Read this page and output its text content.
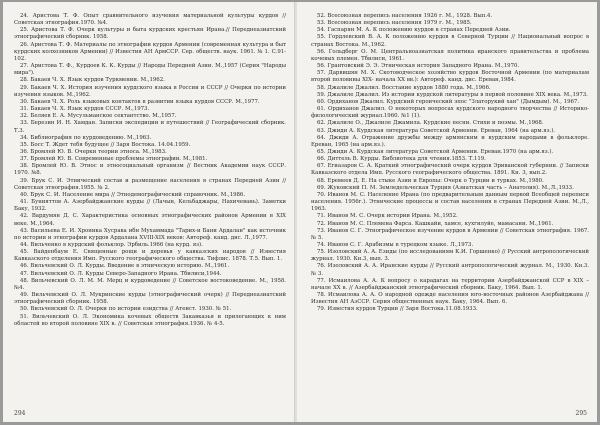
24. Аристова Т. Ф. Опыт сравнительного изучения материальной культуры курдов // Советская этнография.1970. №4.

25. Аристова Т. Ф. Очерк культуры и быта курдских крестьян Ирана.// Переднеазиатский этнографический сборник. 1958.

26. Аристова Т. Ф. Материалы по этнографии курдов Армении (современная культура и быт курдских колхозников Армении) // Известия АН АрмССР. Сер. обществ. наук. 1961. № 1. С.91-102.

27. Аристова Т. Ф., Курдоев К. К. Курды // Народы Передней Азии. М.,1957 (Серия "Народы мира").

28. Бакаев Ч. Х. Язык курдов Туркмении. М.,1962.

29. Бакаев Ч. Х. История изучения курдского языка в России и СССР // Очерки по истории изучения языков. М.,1962.

30. Бакаев Ч. Х. Роль языковых контактов в развитии языка курдов СССР. М.,1977.

31. Бакаев Ч. Х. Язык курдов СССР. М.,1973.

32. Беляев Е. А. Мусульманское сектантство. М.,1957.

33. Березин И. Н. Хамдан. Записки экспедиции и путешествий // Географический сборник. Т.3.

34. Библиография по курдоведению. М.,1963.

35. Босс Т. Ждет тебя будущее // Заря Востока. 14.04.1959.

36. Бромлей Ю. В. Очерки теории этноса. М.,1983.

37. Бромлей Ю. В. Современные проблемы этнографии. М.,1981.

38. Бромлей Ю. В. Этнос и этносоциальный организм // Вестник Академии наук СССР. 1970. №8.

39. Брук С. И. Этнический состав и размещение населения в странах Передней Азии // Советская этнография.1955. № 2.

40. Брук С. И. Население мира // Этнодемографический справочник. М.,1986.

41. Бунияттов А. Азербайджанские курды // (Лачын, Кельбаджары, Нахичевань). Заметки Баку, 1932.

42. Вардумян Д. С. Характеристика основных этнографических районов Армении в XIX веке. М.,1964.

43. Васильева Е. И. Хроника Хусрава ибн Мухаммада "Тарих-и Бани Ардалан" как источник по истории и этнографии курдов Ардалана XVIII-XIX веков: Автореф. канд. дис. Л.,1977.

44. Вильченко в курдский фольклор. Эрбиль.1966 (на курд. яз).

45. Вайденбаум Е. Священные рощи и деревья у кавказских народов // Известия Кавказского отделения Имп. Русского географического общества. Тифлис. 1878. Т.5. Вып. 1.

46. Вильчевский О. Л. Курды. Введение в этническую историю. М.,1961.

47. Вильчевский О. Л. Курды Северо-Западного Ирана. Тбилиси,1944.

48. Вильчевский О. Л. М. М. Мерц и курдоведение // Советское востоковедение. М., 1958. №4.

49. Вильчевский О. Л. Мукринские курды (этнографический очерк) // Переднеазиатский этнографический сборник. 1958.

50. Вильчевский О. Л. Очерки по истории езидства // Атеист. 1930. № 51.

51. Вильчевский О. Л. Экономика кочевых обществ Закавказья и прилегающих к ним областей во второй половине XIX в. // Советская этнография.1936. № 4-5.

294

52. Всесоюзная перепись населения 1926 г. М., 1928. Вып.4.

53. Всесоюзная перепись населения 1979 г. М., 1985.

54. Гаспарян М. А. К положению курдов в странах Передней Азии.

55. Гордлевский В. А. К положению курдов в Северной Турции // Национальный вопрос в странах Востока. М.,1962.

56. Гольдберг О. М. Центральноазиатская политика иранского правительства и проблема кочевых племен. Тбилиси, 1961.

56. Грантовский Э. Э. Этническая история Западного Ирана. М.,1970.

57. Дарвишян М. Х. Скотоводческое хозяйство курдов Восточной Армении (по материалам второй половины XIX- начала XX вв.): Автореф. канд. дис. Ереван,1984.

58. Джалиле Джалил. Восстание курдов 1880 года. М.,1966.

59. Джалиле Джалил. Из истории курдской литературы в первой половине XIX века. М.,1973.

60. Ордиханов Джалил. Курдский героический эпос "Златорукий хан" (Дымдым). М., 1967.

61. Ордиханов Джалил. О некоторых вопросах курдского народного творчества // Историко-филологический журнал.1960. №1 (1).

62. Джалиле О., Джалиле Джамила. Курдские песни. Стихи и поэмы. М.,1968.

63. Джиди А. Курдская литература Советской Армении. Ереван, 1964 (на арм.яз.).

64. Джиди А. Отражение дружбы между армянским и курдским народами в фольклоре. Ереван, 1965 (на арм.яз.).

65. Джиди А. Курдская литература Советской Армении. Ереван.1970 (на арм.яз.).

66. Диттель В. Курды. Библиотека для чтения.1853. Т.119.

67. Егиазаров С. А. Краткий этнографический очерк курдов Эриванской губернии. // Записки Кавказского отдела Имп. Русского географического общества. 1891. Кн. 3, вып.2.

68. Еремеев Д. Е. На стыке Азии и Европы: Очерк о Турции и турках. М.,1980.

69. Жуковский П. М. Земледельческая Турция (Азиатская часть – Анатолия). М.,Л.,1933.

70. Иванов М. С. Население Ирана (по предварительным данным первой Всеобщей переписи населения. 1956г.). Этнические процессы и состав населения в странах Передней Азии. М.,Л., 1963.

71. Иванов М. С. Очерк истории Ирана. М.,1952.

72. Иванов М. С. Племена Фарса. Кашкайи, хамсе, кухгилуйе, мамасани. М.,1961.

73. Иванов С. Г. Этнографическое изучение курдов в Армении // Советская этнография. 1967. № 5.

74. Иванов С. Г. Арабизмы в турецком языке. Л.,1973.

75. Изоловский А. А. Езиды (по исследованиям К.И. Горшенко) // Русский антропологический журнал. 1930. Кн.3, вып. 3.

76. Изоловский А. А. Иранские курды // Русский антропологический журнал. М., 1930. Кн.3. № 3.

77. Исмаилова А. А. К вопросу о карадагах на территории Азербайджанской ССР в XIX – начале XX в. // Азербайджанский этнографический сборник. Баку, 1964. Вып. 1.

78. Исмаилова А. А. О народной одежде населения юго-восточных районов Азербайджана // Известия АН АзССР. Серия общественных наук. Баку, 1964. Вып. 6.

79. Известия курдов Турции // Заря Востока.11.08.1933.

295
